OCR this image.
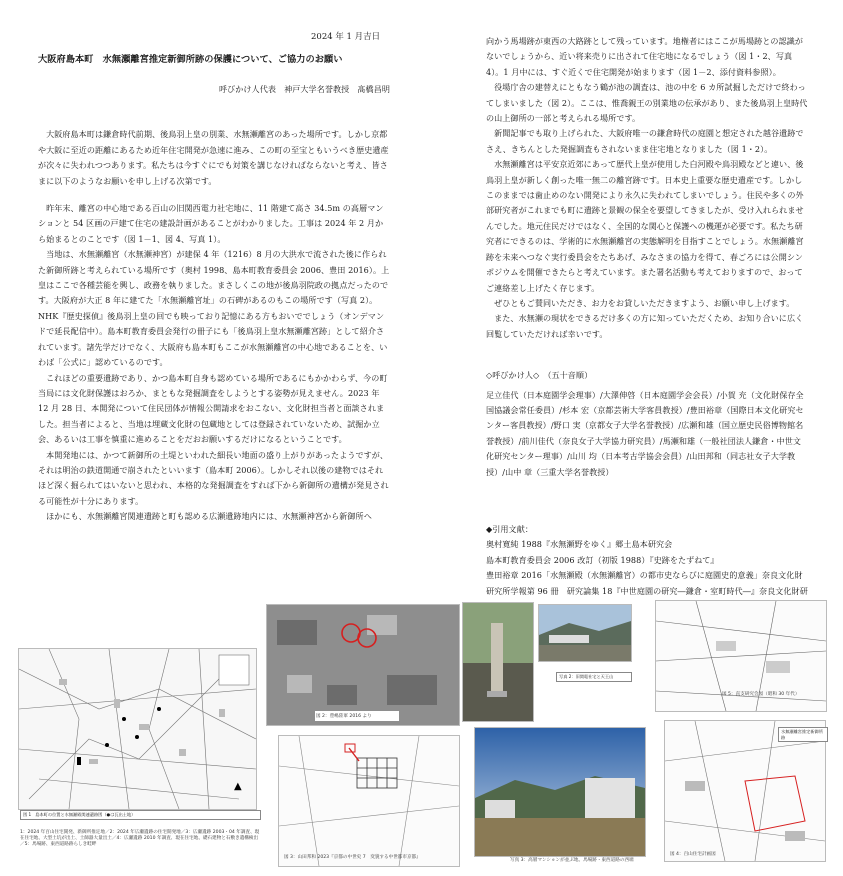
2024 年 1 月吉日

大阪府島本町　水無瀬離宮推定新御所跡の保護について、ご協力のお願い

呼びかけ人代表　神戸大学名誉教授　髙橋昌明

大阪府島本町は鎌倉時代前期、後鳥羽上皇の別業、水無瀬離宮のあった場所です。しかし京都や大阪に至近の距離にあるため近年住宅開発が急速に進み、この町の至宝ともいうべき歴史遺産が次々に失われつつあります。私たちは今すぐにでも対策を講じなければならないと考え、皆さまに以下のようなお願いを申し上げる次第です。

昨年末、離宮の中心地である百山の旧関西電力社宅地に、11 階建て高さ 34.5m の高層マンションと 54 区画の戸建て住宅の建設計画があることがわかりました。工事は 2024 年 2 月から始まるとのことです（図 1－1、図 4、写真 1）。

当地は、水無瀬離宮（水無瀬神宮）が建保 4 年（1216）8 月の大洪水で流された後に作られた新御所跡と考えられている場所です（奥村 1998、島本町教育委員会 2006、豊田 2016）。上皇はここで各種芸能を興し、政務を執りました。まさしくこの地が後鳥羽院政の拠点だったのです。大阪府が大正 8 年に建てた「水無瀬離宮址」の石碑があるのもこの場所です（写真 2）。NHK『歴史探偵』後鳥羽上皇の回でも映っており記憶にある方もおいででしょう（オンデマンドで延長配信中）。島本町教育委員会発行の冊子にも「後鳥羽上皇水無瀬離宮跡」として紹介されています。諸先学だけでなく、大阪府も島本町もここが水無瀬離宮の中心地であることを、いわば「公式に」認めているのです。

これほどの重要遺跡であり、かつ島本町自身も認めている場所であるにもかかわらず、今の町当局には文化財保護はおろか、まともな発掘調査をしようとする姿勢が見えません。2023 年 12 月 28 日、本開発について住民団体が情報公開請求をおこない、文化財担当者と面談されました。担当者によると、当地は埋蔵文化財の包蔵地としては登録されていないため、試掘か立会、あるいは工事を慎重に進めることをだおお願いするだけになるということです。

本開発地には、かつて新御所の土堤といわれた細長い地面の盛り上がりがあったようですが、それは明治の鉄道開通で崩されたといいます（島本町 2006）。しかしそれ以後の建物ではそれほど深く掘られてはいないと思われ、本格的な発掘調査をすれば下から新御所の遺構が発見される可能性が十分にあります。

ほかにも、水無瀬離宮関連遺跡と町も認める広瀬遺跡地内には、水無瀬神宮から新御所へ

向かう馬場跡が東西の大路跡として残っています。地権者にはここが馬場跡との認識がないでしょうから、近い将来売りに出されて住宅地になるでしょう（図 1・2、写真 4）。1 月中には、すぐ近くで住宅開発が始まります（図 1－2、添付資料参照）。

役場庁舎の建替えにともなう鶴が池の調査は、池の中を 6 カ所試掘しただけで終わってしまいました（図 2）。ここは、惟喬親王の別業地の伝承があり、また後鳥羽上皇時代の山上御所の一部と考えられる場所です。

新聞記事でも取り上げられた、大阪府唯一の鎌倉時代の庭園と想定された越谷遺跡でさえ、きちんとした発掘調査もされないまま住宅地となりました（図 1・2）。

水無瀬離宮は平安京近郊にあって歴代上皇が使用した白河殿や鳥羽殿などと違い、後鳥羽上皇が新しく創った唯一無二の離宮跡です。日本史上重要な歴史遺産です。しかしこのままでは歯止めのない開発により永久に失われてしまいでしょう。住民や多くの外部研究者がこれまでも町に遺跡と景観の保全を要望してきましたが、受け入れられませんでした。地元住民だけではなく、全国的な関心と保護への機運が必要です。私たち研究者にできるのは、学術的に水無瀬離宮の実態解明を目指すことでしょう。水無瀬離宮跡を未来へつなぐ実行委員会をたちあげ、みなさまの協力を得て、春ごろには公開シンポジウムを開催できたらと考えています。また署名活動も考えておりますので、おってご連絡差し上げたく存じます。

ぜひともご賛同いただき、お力をお貸しいただきますよう、お願い申し上げます。

また、水無瀬の現状をできるだけ多くの方に知っていただくため、お知り合いに広く回覧していただければ幸いです。

◇呼びかけ人◇　（五十音順）

足立佳代（日本庭園学会理事）/大澤伸啓（日本庭園学会会長）/小賀 充（文化財保存全国協議会常任委員）/杉本 宏（京都芸術大学客員教授）/豊田裕章（国際日本文化研究センター客員教授）/野口 実（京都女子大学名誉教授）/広瀬和雄（国立歴史民俗博物館名誉教授）/前川佳代（奈良女子大学協力研究員）/馬瀬和雄（一般社団法人鎌倉・中世文化研究センター理事）/山川 均（日本考古学協会会員）/山田邦和（同志社女子大学教授）/山中 章（三重大学名誉教授）

◆引用文献：

奥村寛純 1988『水無瀬野をゆく』郷土島本研究会

島本町教育委員会 2006 改訂（初版 1988）『史跡をたずねて』

豊田裕章 2016「水無瀬殿（水無瀬離宮）の都市史ならびに庭園史的意義」奈良文化財研究所学報第 96 冊　研究論集 18『中世庭園の研究―鎌倉・室町時代―』奈良文化財研

▲
図 1　島本町の位置と水無瀬殿関連遺跡図（●は瓦出土地）
1：2024 年百山住宅開発、新御所推定地／2：2024 年広瀬遺跡の住宅開発地／3：広瀬遺跡 2003・04 年調査、現在住宅地、大型土坑が出土、土師器大量出土／4：広瀬遺跡 2010 年調査、現在住宅地、礎石建物と石敷き遺構検出／5：馬場跡、東西道路跡らしき畦畔
図 2：豊嶋陸軍 2016 より
図 3：山田邦和 2023『京都の中世史 7　変貌する中世都市京都』
写真 2：旧関電社宅と天王山
図 5：直支研究会図（昭和 30 年代）
写真 3：高層マンションが並ぶ地、馬場跡・東西道路の西端
水無瀬離宮推定新御所跡
図 4：百山住宅計画図
